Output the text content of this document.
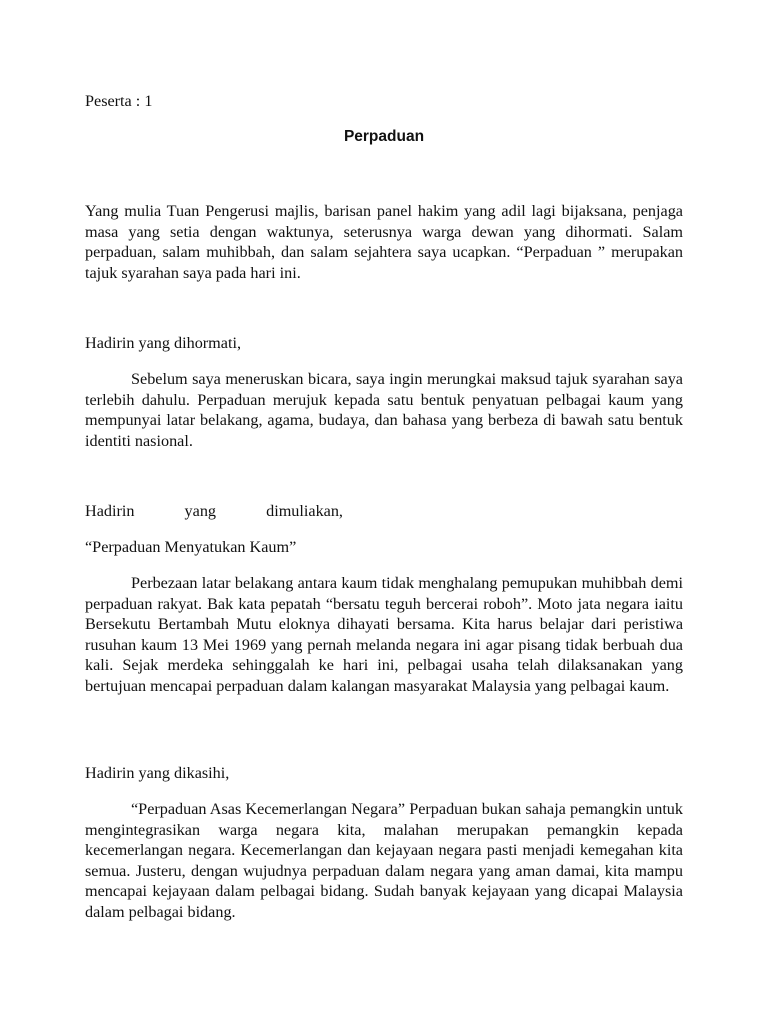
Peserta : 1
Perpaduan
Yang mulia Tuan Pengerusi majlis, barisan panel hakim yang adil lagi bijaksana, penjaga masa yang setia dengan waktunya, seterusnya warga dewan yang dihormati. Salam perpaduan, salam muhibbah, dan salam sejahtera saya ucapkan. “Perpaduan ” merupakan tajuk syarahan saya pada hari ini.
Hadirin yang dihormati,
Sebelum saya meneruskan bicara, saya ingin merungkai maksud tajuk syarahan saya terlebih dahulu. Perpaduan merujuk kepada satu bentuk penyatuan pelbagai kaum yang mempunyai latar belakang, agama, budaya, dan bahasa yang berbeza di bawah satu bentuk identiti nasional.
Hadirin	yang	dimuliakan,
“Perpaduan Menyatukan Kaum”
Perbezaan latar belakang antara kaum tidak menghalang pemupukan muhibbah demi perpaduan rakyat. Bak kata pepatah “bersatu teguh bercerai roboh”. Moto jata negara iaitu Bersekutu Bertambah Mutu eloknya dihayati bersama. Kita harus belajar dari peristiwa rusuhan kaum 13 Mei 1969 yang pernah melanda negara ini agar pisang tidak berbuah dua kali. Sejak merdeka sehinggalah ke hari ini, pelbagai usaha telah dilaksanakan yang bertujuan mencapai perpaduan dalam kalangan masyarakat Malaysia yang pelbagai kaum.
Hadirin yang dikasihi,
“Perpaduan Asas Kecemerlangan Negara” Perpaduan bukan sahaja pemangkin untuk mengintegrasikan warga negara kita, malahan merupakan pemangkin kepada kecemerlangan negara. Kecemerlangan dan kejayaan negara pasti menjadi kemegahan kita semua. Justeru, dengan wujudnya perpaduan dalam negara yang aman damai, kita mampu mencapai kejayaan dalam pelbagai bidang. Sudah banyak kejayaan yang dicapai Malaysia dalam pelbagai bidang.
